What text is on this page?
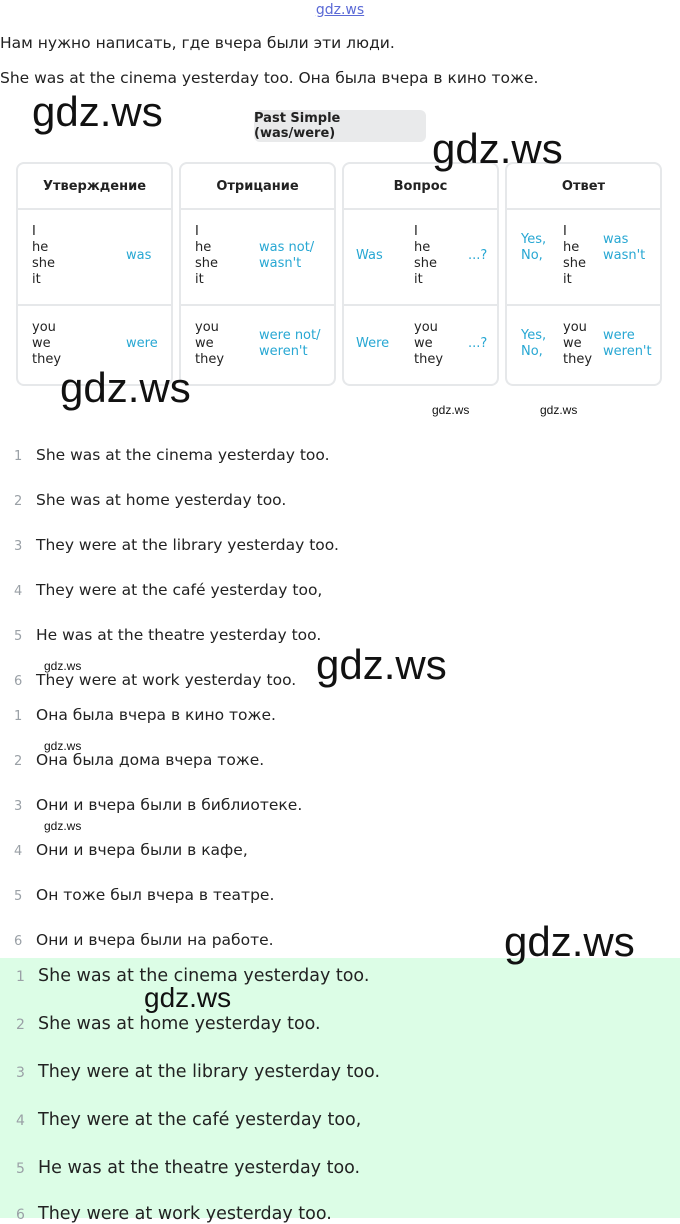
gdz.ws
Нам нужно написать, где вчера были эти люди.
She was at the cinema yesterday too. Она была вчера в кино тоже.
Past Simple (was/were)
Утверждение
I
he
she
it
was
you
we
they
were
Отрицание
I
he
she
it
was not/
wasn't
you
we
they
were not/
weren't
Вопрос
Was
I
he
she
it
...?
Were
you
we
they
...?
Ответ
Yes,
No,
I
he
she
it
was
wasn't
Yes,
No,
you
we
they
were
weren't
1 She was at the cinema yesterday too.
2 She was at home yesterday too.
3 They were at the library yesterday too.
4 They were at the café yesterday too,
5 He was at the theatre yesterday too.
6 They were at work yesterday too.
1 Она была вчера в кино тоже.
2 Она была дома вчера тоже.
3 Они и вчера были в библиотеке.
4 Они и вчера были в кафе,
5 Он тоже был вчера в театре.
6 Они и вчера были на работе.
1 She was at the cinema yesterday too.
2 She was at home yesterday too.
3 They were at the library yesterday too.
4 They were at the café yesterday too,
5 He was at the theatre yesterday too.
6 They were at work yesterday too.
gdz.ws
gdz.ws
gdz.ws	gdz.ws	gdz.ws
gdz.ws
gdz.ws
gdz.ws
gdz.ws
gdz.ws
gdz.ws
